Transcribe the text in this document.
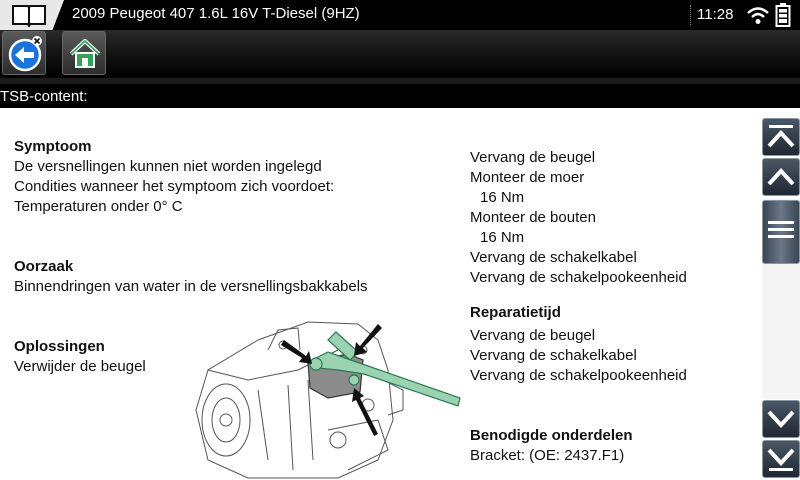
2009 Peugeot 407 1.6L 16V T-Diesel (9HZ)	11:28
TSB-content:
Symptoom
De versnellingen kunnen niet worden ingelegd
Condities wanneer het symptoom zich voordoet:
Temperaturen onder 0° C
Oorzaak
Binnendringen van water in de versnellingsbakkabels
Oplossingen
Verwijder de beugel
Vervang de beugel
Monteer de moer
16 Nm
Monteer de bouten
16 Nm
Vervang de schakelkabel
Vervang de schakelpookeenheid
Reparatietijd
Vervang de beugel
Vervang de schakelkabel
Vervang de schakelpookeenheid
Benodigde onderdelen
Bracket: (OE: 2437.F1)
